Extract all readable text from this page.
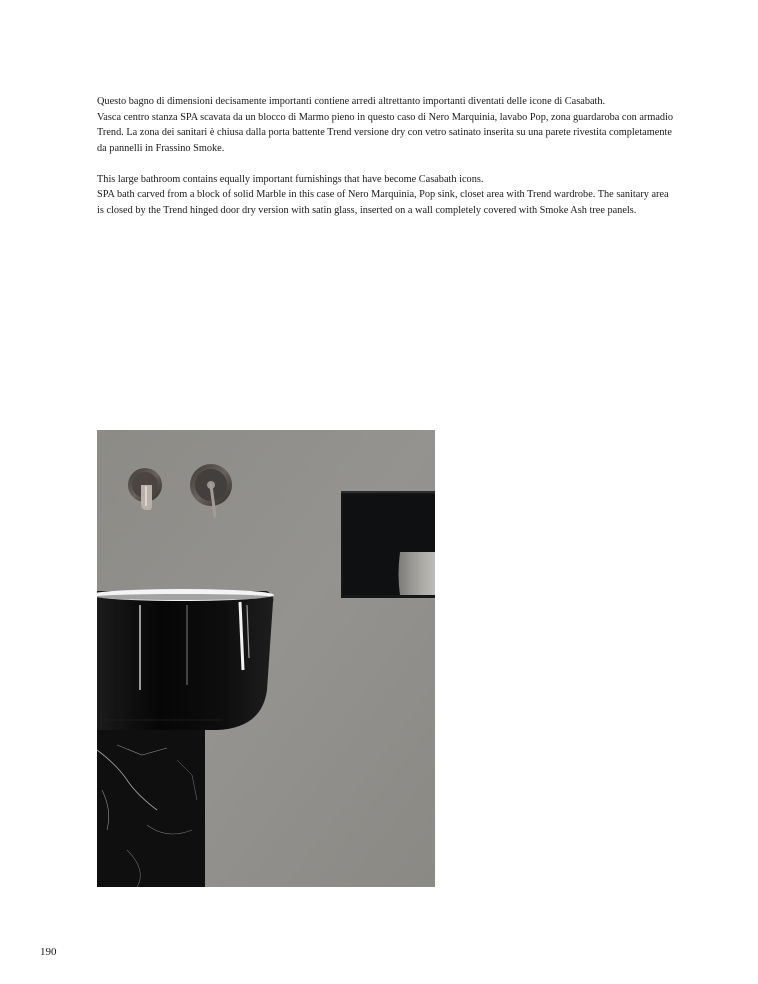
Questo bagno di dimensioni decisamente importanti contiene arredi altrettanto importanti diventati delle icone di Casabath.

Vasca centro stanza SPA scavata da un blocco di Marmo pieno in questo caso di Nero Marquinia, lavabo Pop, zona guardaroba con armadio Trend. La zona dei sanitari è chiusa dalla porta battente Trend versione dry con vetro satinato inserita su una parete rivestita completamente da pannelli in Frassino Smoke.

This large bathroom contains equally important furnishings that have become Casabath icons.

SPA bath carved from a block of solid Marble in this case of Nero Marquinia, Pop sink, closet area with Trend wardrobe. The sanitary area is closed by the Trend hinged door dry version with satin glass, inserted on a wall completely covered with Smoke Ash tree panels.

190
